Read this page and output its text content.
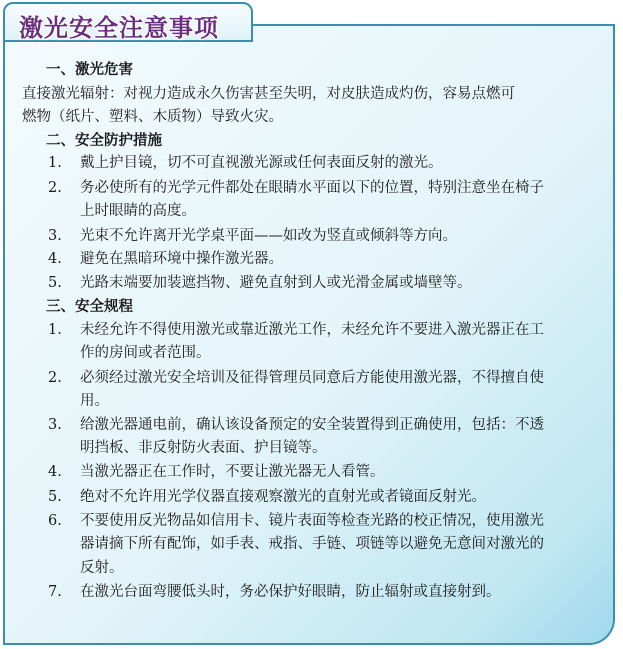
激光安全注意事项
一、激光危害
直接激光辐射：对视力造成永久伤害甚至失明，对皮肤造成灼伤，容易点燃可
燃物（纸片、塑料、木质物）导致火灾。
二、安全防护措施
1. 戴上护目镜，切不可直视激光源或任何表面反射的激光。
2. 务必使所有的光学元件都处在眼睛水平面以下的位置，特别注意坐在椅子
上时眼睛的高度。
3. 光束不允许离开光学桌平面——如改为竖直或倾斜等方向。
4. 避免在黑暗环境中操作激光器。
5. 光路末端要加装遮挡物、避免直射到人或光滑金属或墙壁等。
三、安全规程
1. 未经允许不得使用激光或靠近激光工作，未经允许不要进入激光器正在工
作的房间或者范围。
2. 必须经过激光安全培训及征得管理员同意后方能使用激光器，不得擅自使
用。
3. 给激光器通电前，确认该设备预定的安全装置得到正确使用，包括：不透
明挡板、非反射防火表面、护目镜等。
4. 当激光器正在工作时，不要让激光器无人看管。
5. 绝对不允许用光学仪器直接观察激光的直射光或者镜面反射光。
6. 不要使用反光物品如信用卡、镜片表面等检查光路的校正情况，使用激光
器请摘下所有配饰，如手表、戒指、手链、项链等以避免无意间对激光的
反射。
7. 在激光台面弯腰低头时，务必保护好眼睛，防止辐射或直接射到。
